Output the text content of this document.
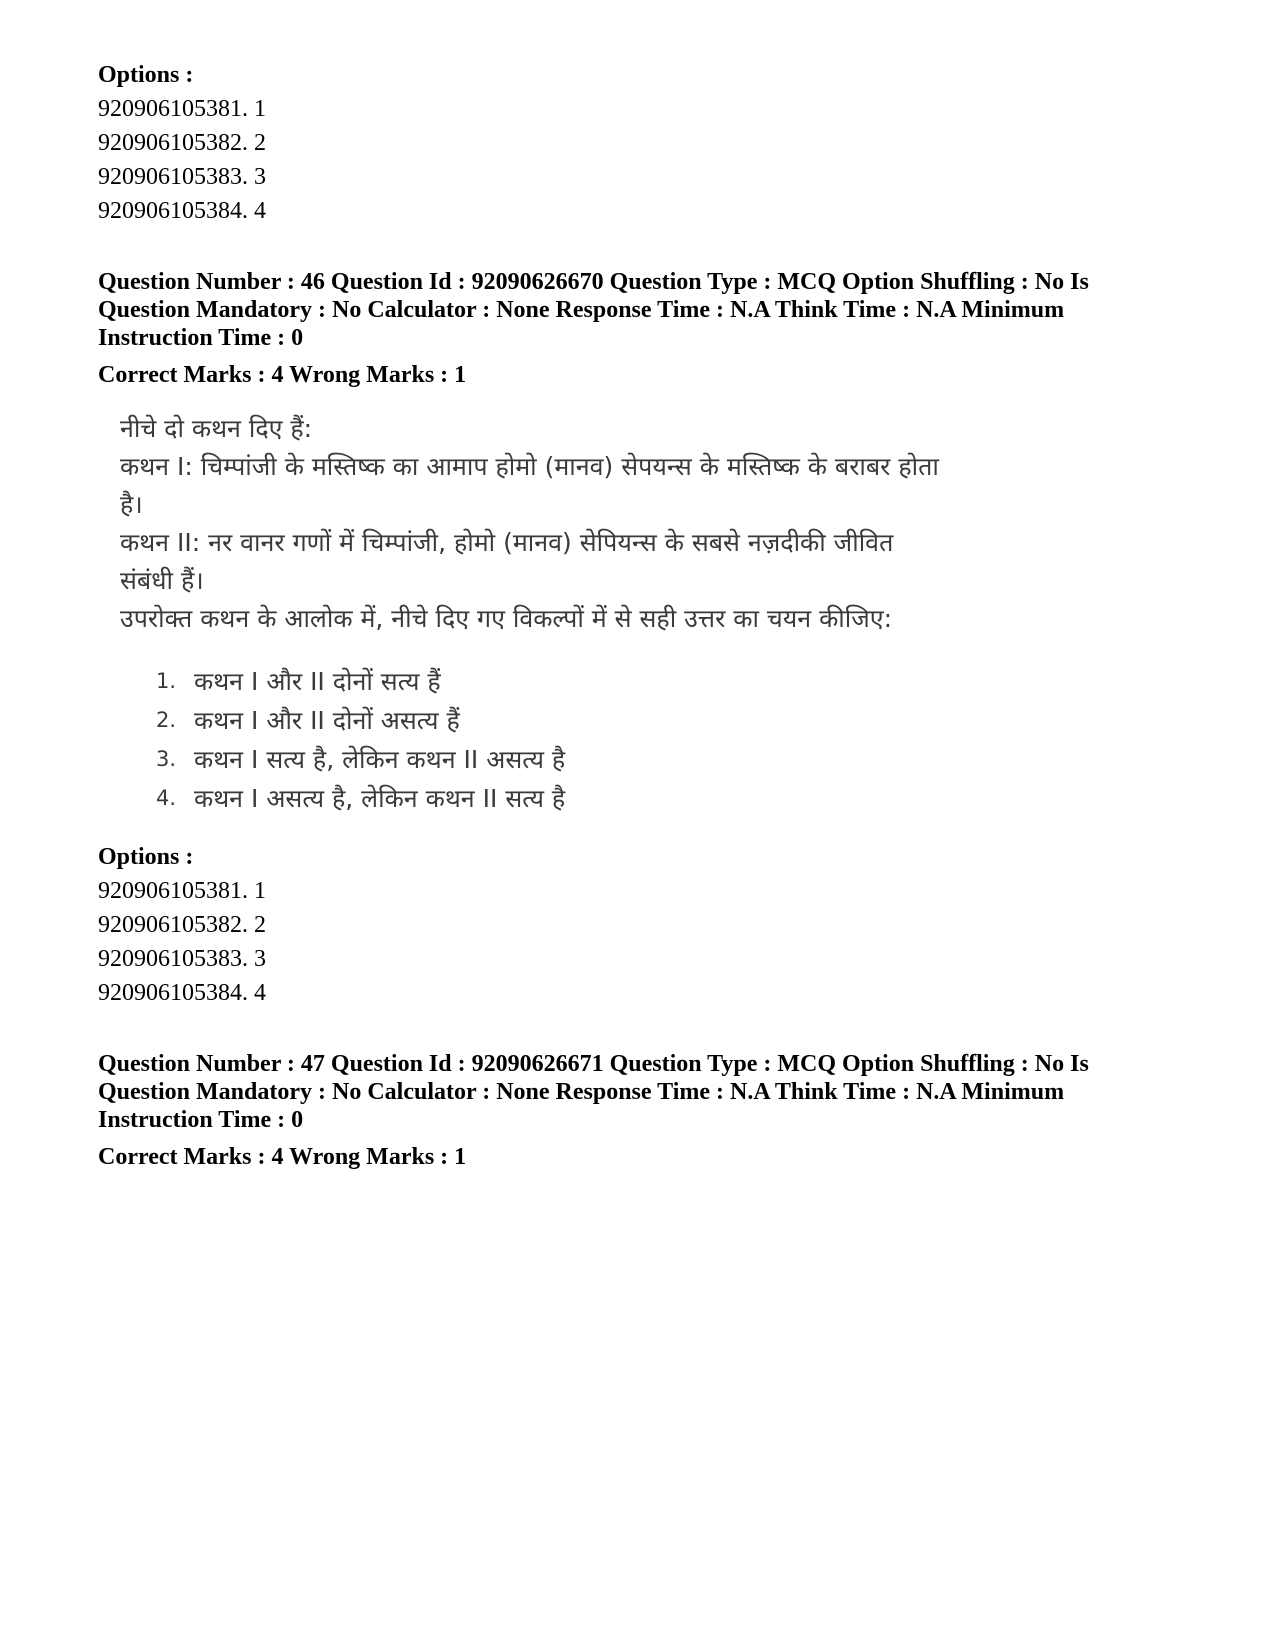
Options :

920906105381. 1

920906105382. 2

920906105383. 3

920906105384. 4

Question Number : 46 Question Id : 92090626670 Question Type : MCQ Option Shuffling : No Is Question Mandatory : No Calculator : None Response Time : N.A Think Time : N.A Minimum Instruction Time : 0

Correct Marks : 4 Wrong Marks : 1

नीचे दो कथन दिए हैं:

कथन I: चिम्पांजी के मस्तिष्क का आमाप होमो (मानव) सेपयन्स के मस्तिष्क के बराबर होता है।

कथन II: नर वानर गणों में चिम्पांजी, होमो (मानव) सेपियन्स के सबसे नज़दीकी जीवित संबंधी हैं।

उपरोक्त कथन के आलोक में, नीचे दिए गए विकल्पों में से सही उत्तर का चयन कीजिए:

1. कथन I और II दोनों सत्य हैं
2. कथन I और II दोनों असत्य हैं
3. कथन I सत्य है, लेकिन कथन II असत्य है
4. कथन I असत्य है, लेकिन कथन II सत्य है

Options :

920906105381. 1

920906105382. 2

920906105383. 3

920906105384. 4

Question Number : 47 Question Id : 92090626671 Question Type : MCQ Option Shuffling : No Is Question Mandatory : No Calculator : None Response Time : N.A Think Time : N.A Minimum Instruction Time : 0

Correct Marks : 4 Wrong Marks : 1
